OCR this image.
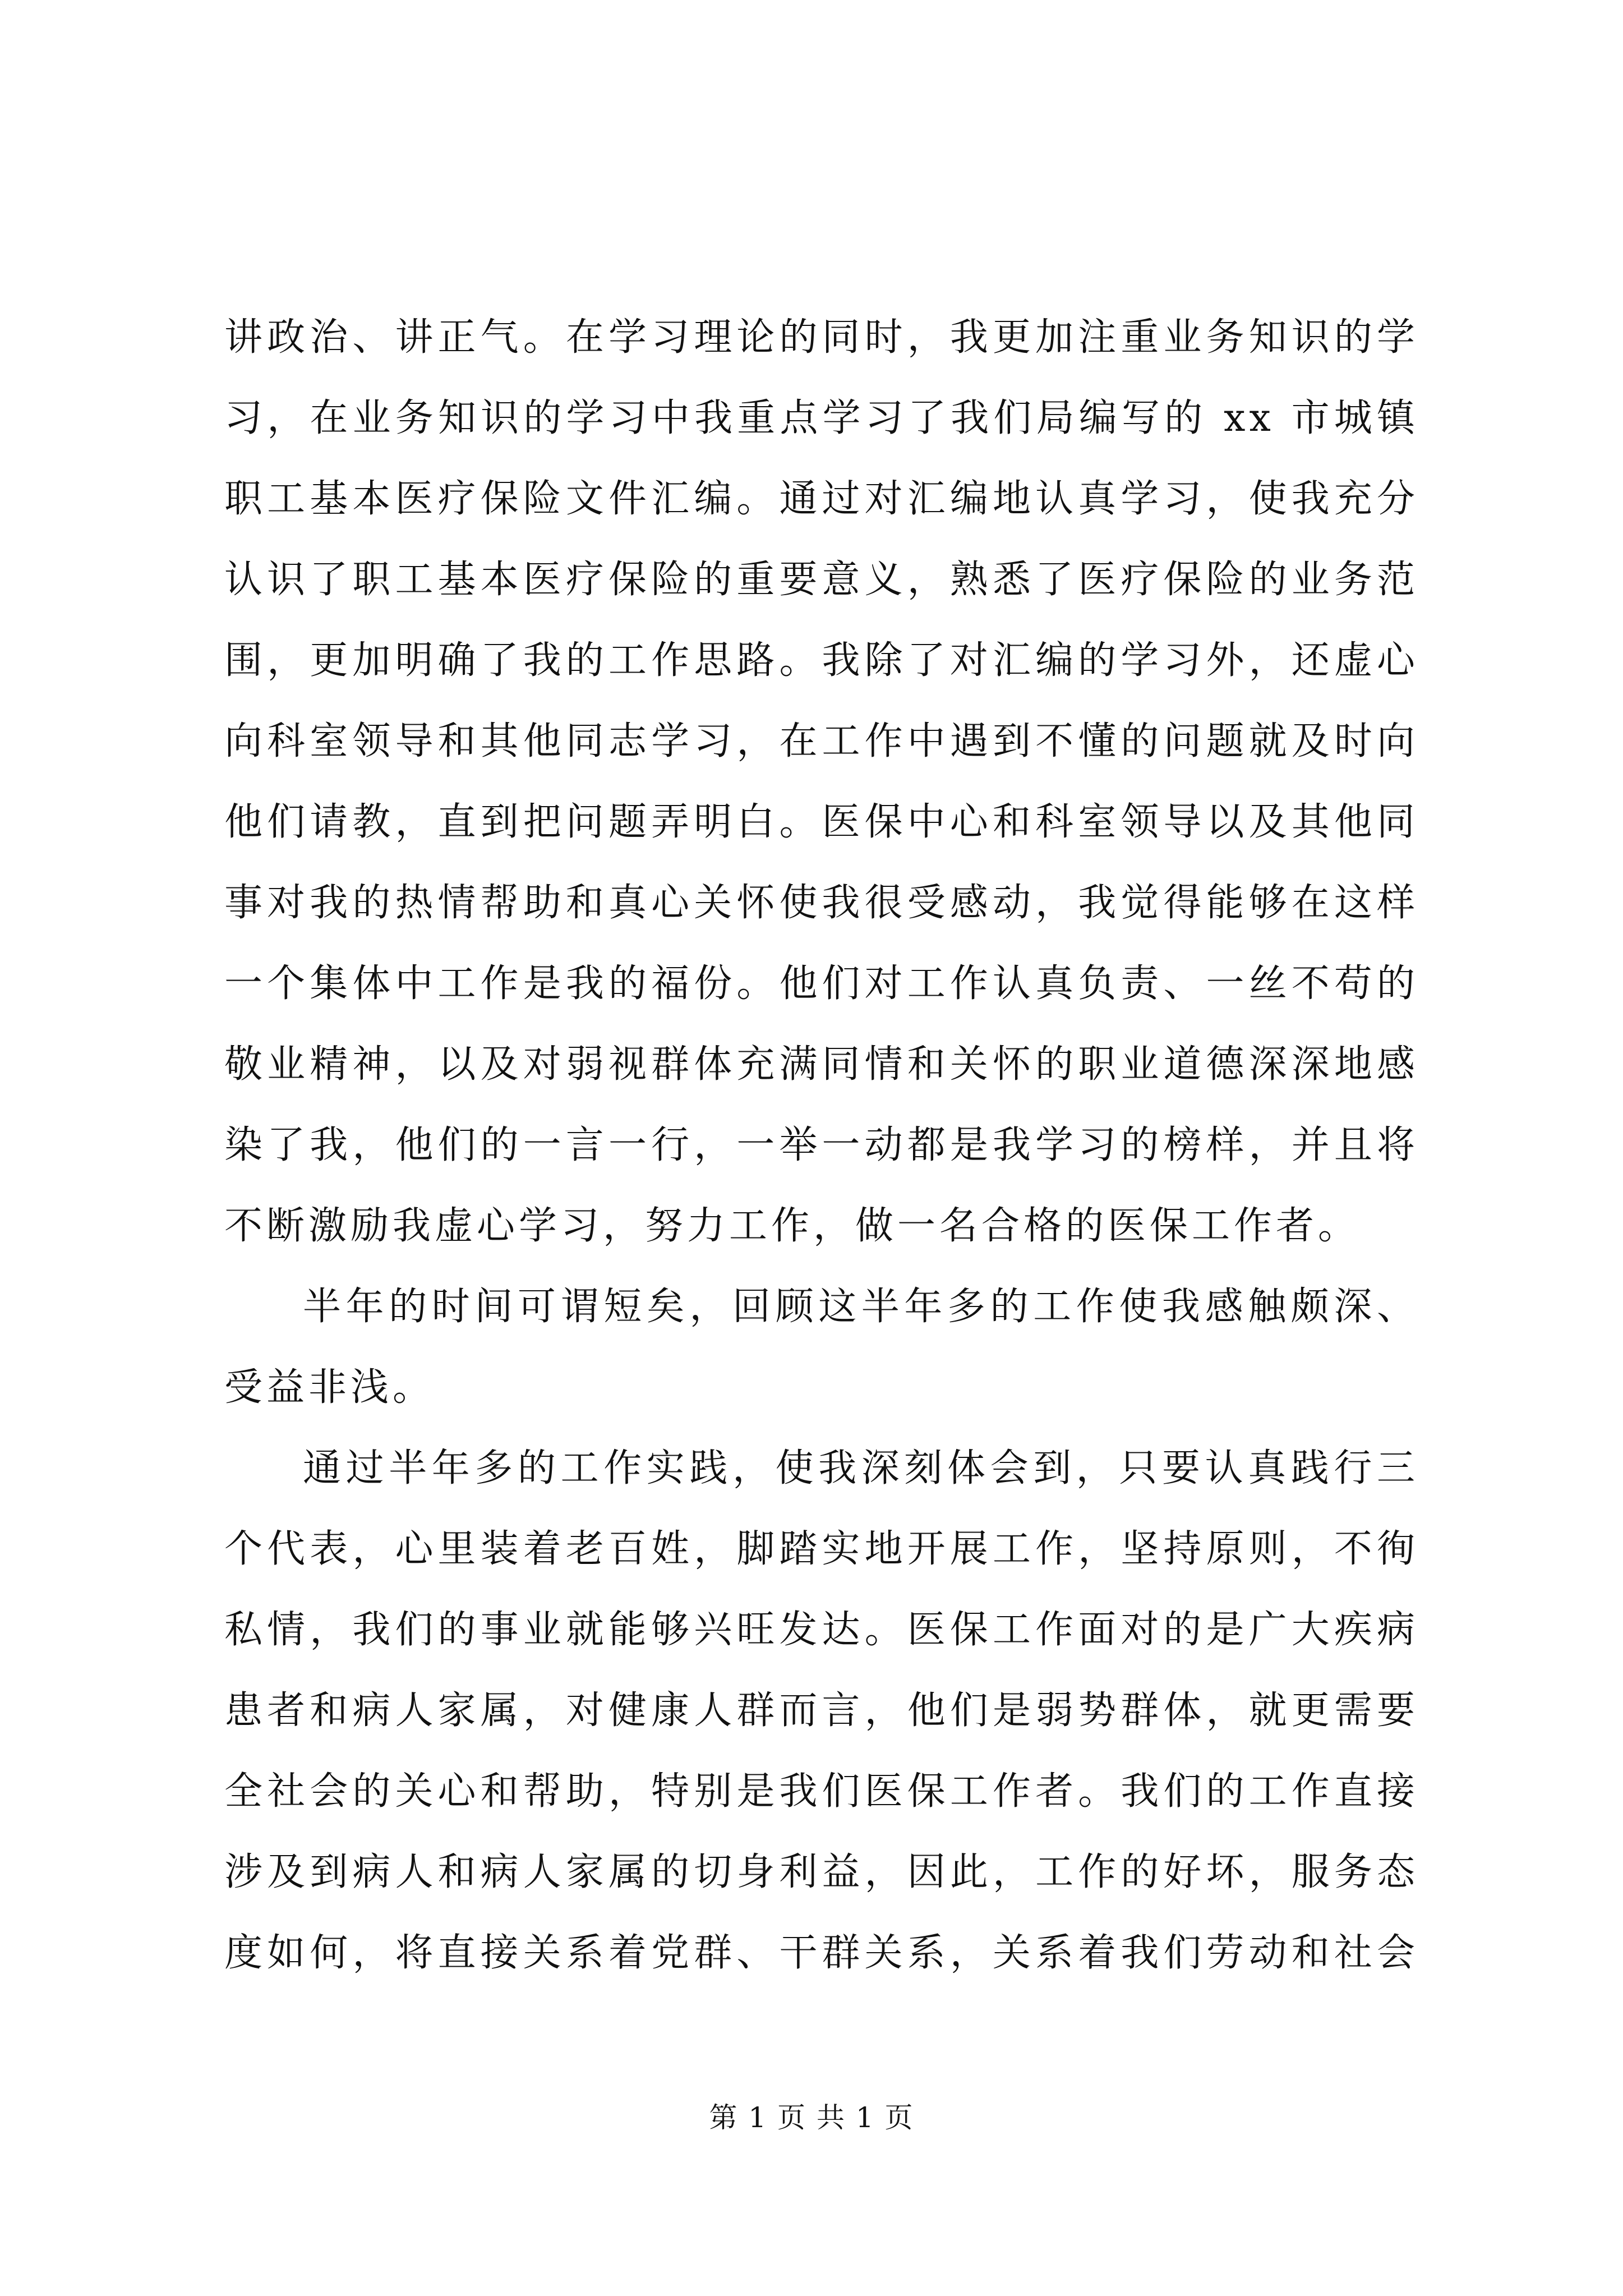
讲政治、讲正气。在学习理论的同时，我更加注重业务知识的学
习，在业务知识的学习中我重点学习了我们局编写的 xx 市城镇
职工基本医疗保险文件汇编。通过对汇编地认真学习，使我充分
认识了职工基本医疗保险的重要意义，熟悉了医疗保险的业务范
围，更加明确了我的工作思路。我除了对汇编的学习外，还虚心
向科室领导和其他同志学习，在工作中遇到不懂的问题就及时向
他们请教，直到把问题弄明白。医保中心和科室领导以及其他同
事对我的热情帮助和真心关怀使我很受感动，我觉得能够在这样
一个集体中工作是我的福份。他们对工作认真负责、一丝不苟的
敬业精神，以及对弱视群体充满同情和关怀的职业道德深深地感
染了我，他们的一言一行，一举一动都是我学习的榜样，并且将
不断激励我虚心学习，努力工作，做一名合格的医保工作者。
半年的时间可谓短矣，回顾这半年多的工作使我感触颇深、
受益非浅。
通过半年多的工作实践，使我深刻体会到，只要认真践行三
个代表，心里装着老百姓，脚踏实地开展工作，坚持原则，不徇
私情，我们的事业就能够兴旺发达。医保工作面对的是广大疾病
患者和病人家属，对健康人群而言，他们是弱势群体，就更需要
全社会的关心和帮助，特别是我们医保工作者。我们的工作直接
涉及到病人和病人家属的切身利益，因此，工作的好坏，服务态
度如何，将直接关系着党群、干群关系，关系着我们劳动和社会
第 1 页 共 1 页
